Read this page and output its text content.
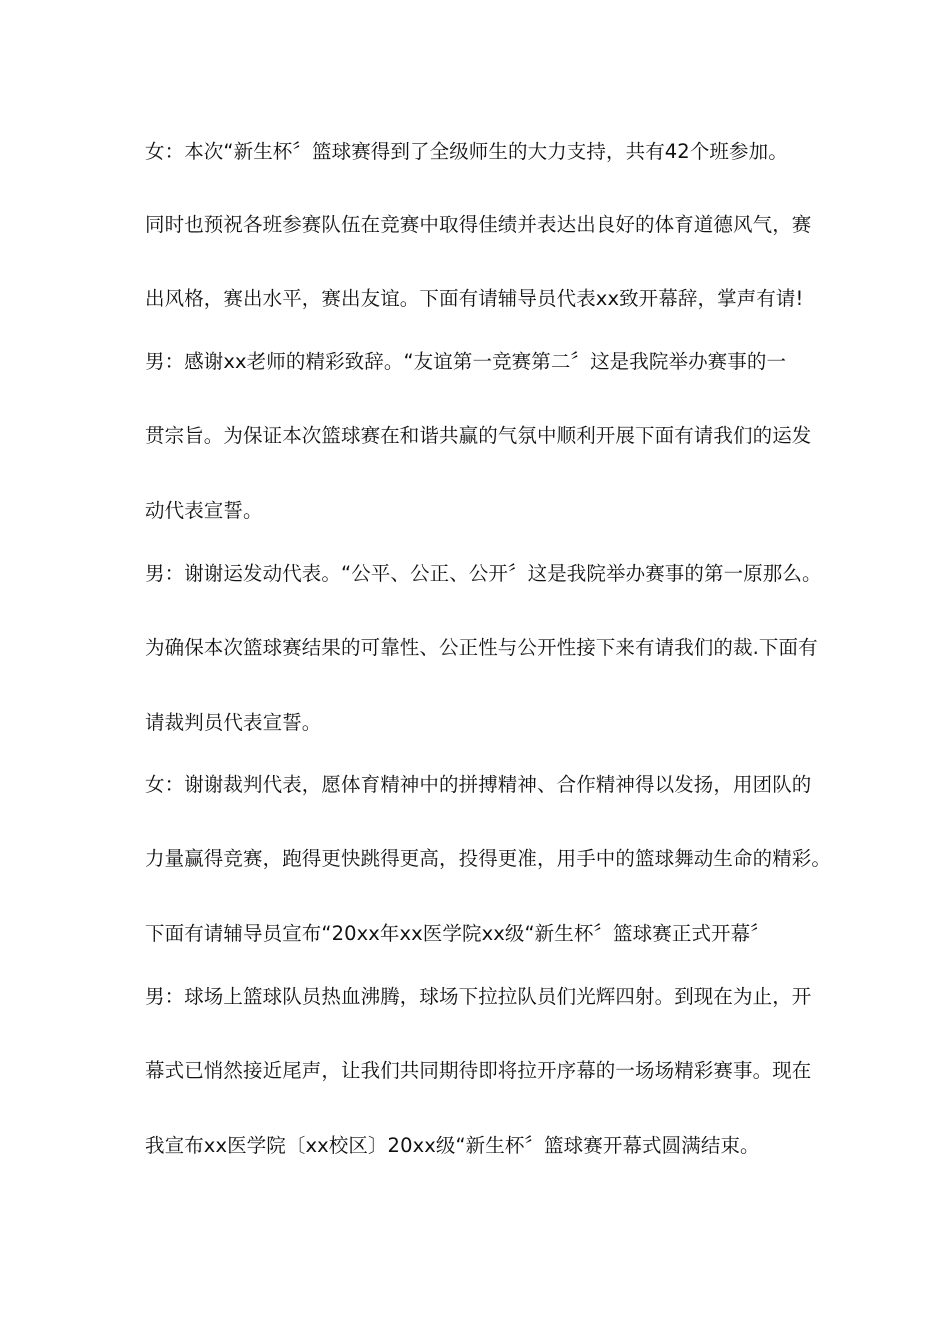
女：本次“新生杯〞篮球赛得到了全级师生的大力支持，共有42个班参加。
同时也预祝各班参赛队伍在竞赛中取得佳绩并表达出良好的体育道德风气，赛
出风格，赛出水平，赛出友谊。下面有请辅导员代表xx致开幕辞，掌声有请!
男：感谢xx老师的精彩致辞。“友谊第一竞赛第二〞这是我院举办赛事的一
贯宗旨。为保证本次篮球赛在和谐共赢的气氛中顺利开展下面有请我们的运发
动代表宣誓。
男：谢谢运发动代表。“公平、公正、公开〞这是我院举办赛事的第一原那么。
为确保本次篮球赛结果的可靠性、公正性与公开性接下来有请我们的裁.下面有
请裁判员代表宣誓。
女：谢谢裁判代表，愿体育精神中的拼搏精神、合作精神得以发扬，用团队的
力量赢得竞赛，跑得更快跳得更高，投得更准，用手中的篮球舞动生命的精彩。
下面有请辅导员宣布“20xx年xx医学院xx级“新生杯〞篮球赛正式开幕〞
男：球场上篮球队员热血沸腾，球场下拉拉队员们光辉四射。到现在为止，开
幕式已悄然接近尾声，让我们共同期待即将拉开序幕的一场场精彩赛事。现在
我宣布xx医学院〔xx校区〕20xx级“新生杯〞篮球赛开幕式圆满结束。
